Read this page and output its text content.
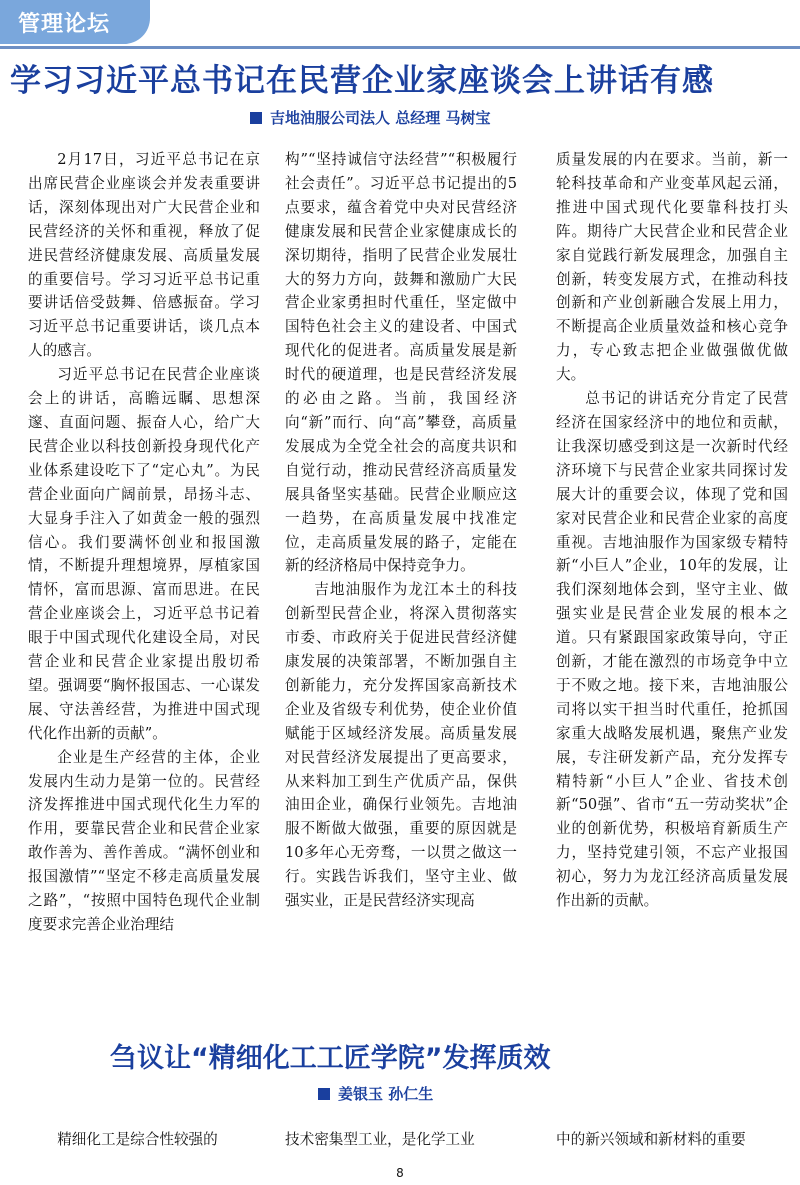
管理论坛
学习习近平总书记在民营企业家座谈会上讲话有感
吉地油服公司法人 总经理 马树宝

2月17日，习近平总书记在京出席民营企业座谈会并发表重要讲话，深刻体现出对广大民营企业和民营经济的关怀和重视，释放了促进民营经济健康发展、高质量发展的重要信号。学习习近平总书记重要讲话倍受鼓舞、倍感振奋。学习习近平总书记重要讲话，谈几点本人的感言。

习近平总书记在民营企业座谈会上的讲话，高瞻远瞩、思想深邃、直面问题、振奋人心，给广大民营企业以科技创新投身现代化产业体系建设吃下了“定心丸”。为民营企业面向广阔前景，昂扬斗志、大显身手注入了如黄金一般的强烈信心。我们要满怀创业和报国激情，不断提升理想境界，厚植家国情怀，富而思源、富而思进。在民营企业座谈会上，习近平总书记着眼于中国式现代化建设全局，对民营企业和民营企业家提出殷切希望。强调要“胸怀报国志、一心谋发展、守法善经营，为推进中国式现代化作出新的贡献”。

企业是生产经营的主体，企业发展内生动力是第一位的。民营经济发挥推进中国式现代化生力军的作用，要靠民营企业和民营企业家敢作善为、善作善成。“满怀创业和报国激情”“坚定不移走高质量发展之路”，“按照中国特色现代企业制度要求完善企业治理结

构”“坚持诚信守法经营”“积极履行社会责任”。习近平总书记提出的5点要求，蕴含着党中央对民营经济健康发展和民营企业家健康成长的深切期待，指明了民营企业发展壮大的努力方向，鼓舞和激励广大民营企业家勇担时代重任，坚定做中国特色社会主义的建设者、中国式现代化的促进者。高质量发展是新时代的硬道理，也是民营经济发展的必由之路。当前，我国经济向“新”而行、向“高”攀登，高质量发展成为全党全社会的高度共识和自觉行动，推动民营经济高质量发展具备坚实基础。民营企业顺应这一趋势，在高质量发展中找准定位，走高质量发展的路子，定能在新的经济格局中保持竞争力。

吉地油服作为龙江本土的科技创新型民营企业，将深入贯彻落实市委、市政府关于促进民营经济健康发展的决策部署，不断加强自主创新能力，充分发挥国家高新技术企业及省级专利优势，使企业价值赋能于区域经济发展。高质量发展对民营经济发展提出了更高要求，从来料加工到生产优质产品，保供油田企业，确保行业领先。吉地油服不断做大做强，重要的原因就是10多年心无旁骛，一以贯之做这一行。实践告诉我们，坚守主业、做强实业，正是民营经济实现高

质量发展的内在要求。当前，新一轮科技革命和产业变革风起云涌，推进中国式现代化要靠科技打头阵。期待广大民营企业和民营企业家自觉践行新发展理念，加强自主创新，转变发展方式，在推动科技创新和产业创新融合发展上用力，不断提高企业质量效益和核心竞争力，专心致志把企业做强做优做大。

总书记的讲话充分肯定了民营经济在国家经济中的地位和贡献，让我深切感受到这是一次新时代经济环境下与民营企业家共同探讨发展大计的重要会议，体现了党和国家对民营企业和民营企业家的高度重视。吉地油服作为国家级专精特新“小巨人”企业，10年的发展，让我们深刻地体会到，坚守主业、做强实业是民营企业发展的根本之道。只有紧跟国家政策导向，守正创新，才能在激烈的市场竞争中立于不败之地。接下来，吉地油服公司将以实干担当时代重任，抢抓国家重大战略发展机遇，聚焦产业发展，专注研发新产品，充分发挥专精特新“小巨人”企业、省技术创新“50强”、省市“五一劳动奖状”企业的创新优势，积极培育新质生产力，坚持党建引领，不忘产业报国初心，努力为龙江经济高质量发展作出新的贡献。

刍议让“精细化工工匠学院”发挥质效
姜银玉 孙仁生
　　精细化工是综合性较强的	技术密集型工业，是化学工业	中的新兴领域和新材料的重要
8
